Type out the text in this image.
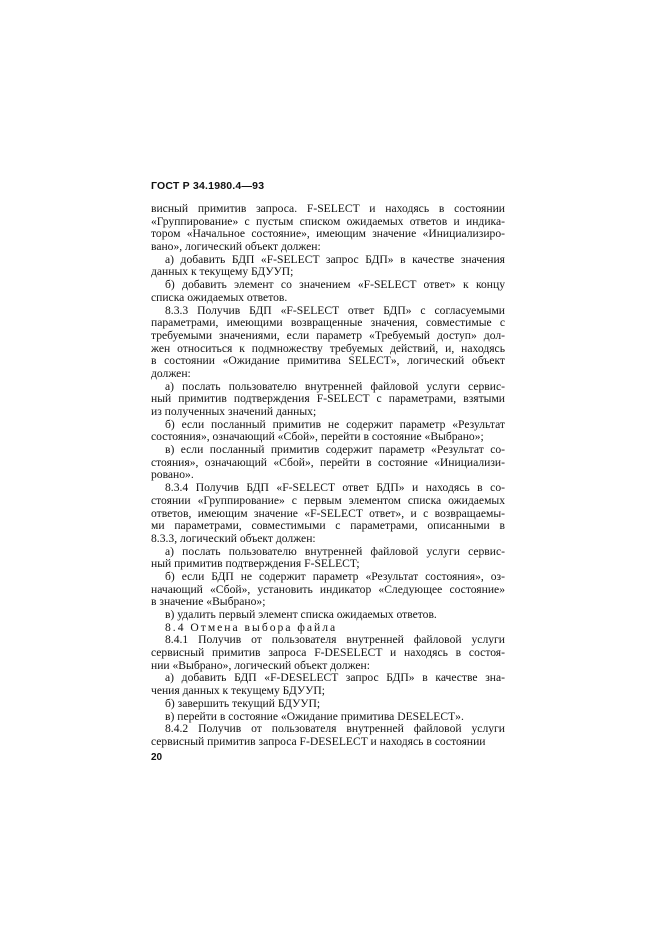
ГОСТ Р 34.1980.4—93
висный примитив запроса. F-SELECT и находясь в состоянии
«Группирование» с пустым списком ожидаемых ответов и индика-
тором «Начальное состояние», имеющим значение «Инициализиро-
вано», логический объект должен:
а) добавить БДП «F-SELECT запрос БДП» в качестве значения
данных к текущему БДУУП;
б) добавить элемент со значением «F-SELECT ответ» к концу
списка ожидаемых ответов.
8.3.3 Получив БДП «F-SELECT ответ БДП» с согласуемыми
параметрами, имеющими возвращенные значения, совместимые с
требуемыми значениями, если параметр «Требуемый доступ» дол-
жен относиться к подмножеству требуемых действий, и, находясь
в состоянии «Ожидание примитива SELECT», логический объект
должен:
а) послать пользователю внутренней файловой услуги сервис-
ный примитив подтверждения F-SELECT с параметрами, взятыми
из полученных значений данных;
б) если посланный примитив не содержит параметр «Результат
состояния», означающий «Сбой», перейти в состояние «Выбрано»;
в) если посланный примитив содержит параметр «Результат со-
стояния», означающий «Сбой», перейти в состояние «Инициализи-
ровано».
8.3.4 Получив БДП «F-SELECT ответ БДП» и находясь в со-
стоянии «Группирование» с первым элементом списка ожидаемых
ответов, имеющим значение «F-SELECT ответ», и с возвращаемы-
ми параметрами, совместимыми с параметрами, описанными в
8.3.3, логический объект должен:
а) послать пользователю внутренней файловой услуги сервис-
ный примитив подтверждения F-SELECT;
б) если БДП не содержит параметр «Результат состояния», оз-
начающий «Сбой», установить индикатор «Следующее состояние»
в значение «Выбрано»;
в) удалить первый элемент списка ожидаемых ответов.
8.4 Отмена выбора файла
8.4.1 Получив от пользователя внутренней файловой услуги
сервисный примитив запроса F-DESELECT и находясь в состоя-
нии «Выбрано», логический объект должен:
а) добавить БДП «F-DESELECT запрос БДП» в качестве зна-
чения данных к текущему БДУУП;
б) завершить текущий БДУУП;
в) перейти в состояние «Ожидание примитива DESELECT».
8.4.2 Получив от пользователя внутренней файловой услуги
сервисный примитив запроса F-DESELECT и находясь в состоянии
20
